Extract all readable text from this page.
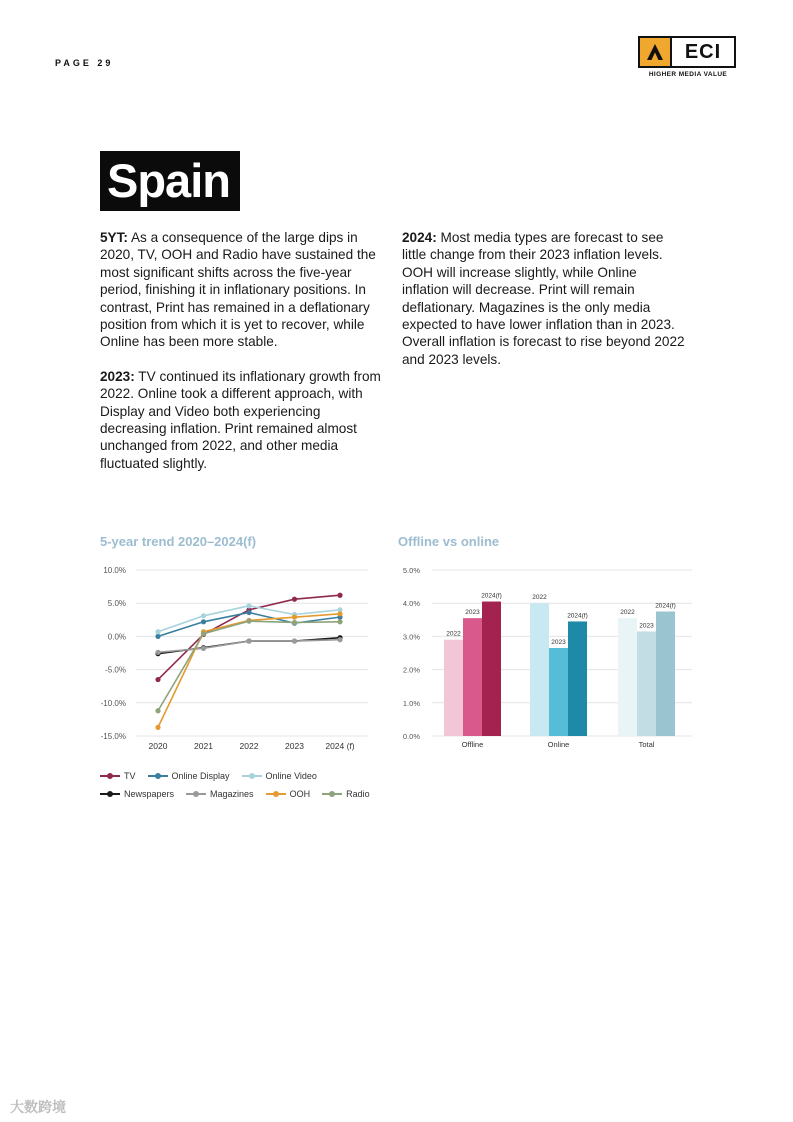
PAGE 29
ECI
HIGHER MEDIA VALUE
Spain

5YT: As a consequence of the large dips in 2020, TV, OOH and Radio have sustained the most significant shifts across the five-year period, finishing it in inflationary positions. In contrast, Print has remained in a deflationary position from which it is yet to recover, while Online has been more stable.

2023: TV continued its inflationary growth from 2022. Online took a different approach, with Display and Video both experiencing decreasing inflation. Print remained almost unchanged from 2022, and other media fluctuated slightly.

2024: Most media types are forecast to see little change from their 2023 inflation levels. OOH will increase slightly, while Online inflation will decrease. Print will remain deflationary. Magazines is the only media expected to have lower inflation than in 2023. Overall inflation is forecast to rise beyond 2022 and 2023 levels.

5-year trend 2020–2024(f)	Offline vs online
10.0%
5.0%
0.0%
-5.0%
-10.0%
-15.0%
2020	2021	2022	2023	2024 (f)
5.0%
4.0%
3.0%
2.0%
1.0%
0.0%
2022
2023
2024(f)
Offline
2022
2023
2024(f)
Online
2022
2023
2024(f)
Total
TV	Online Display	Online Video
Newspapers	Magazines	OOH	Radio
大数跨境
